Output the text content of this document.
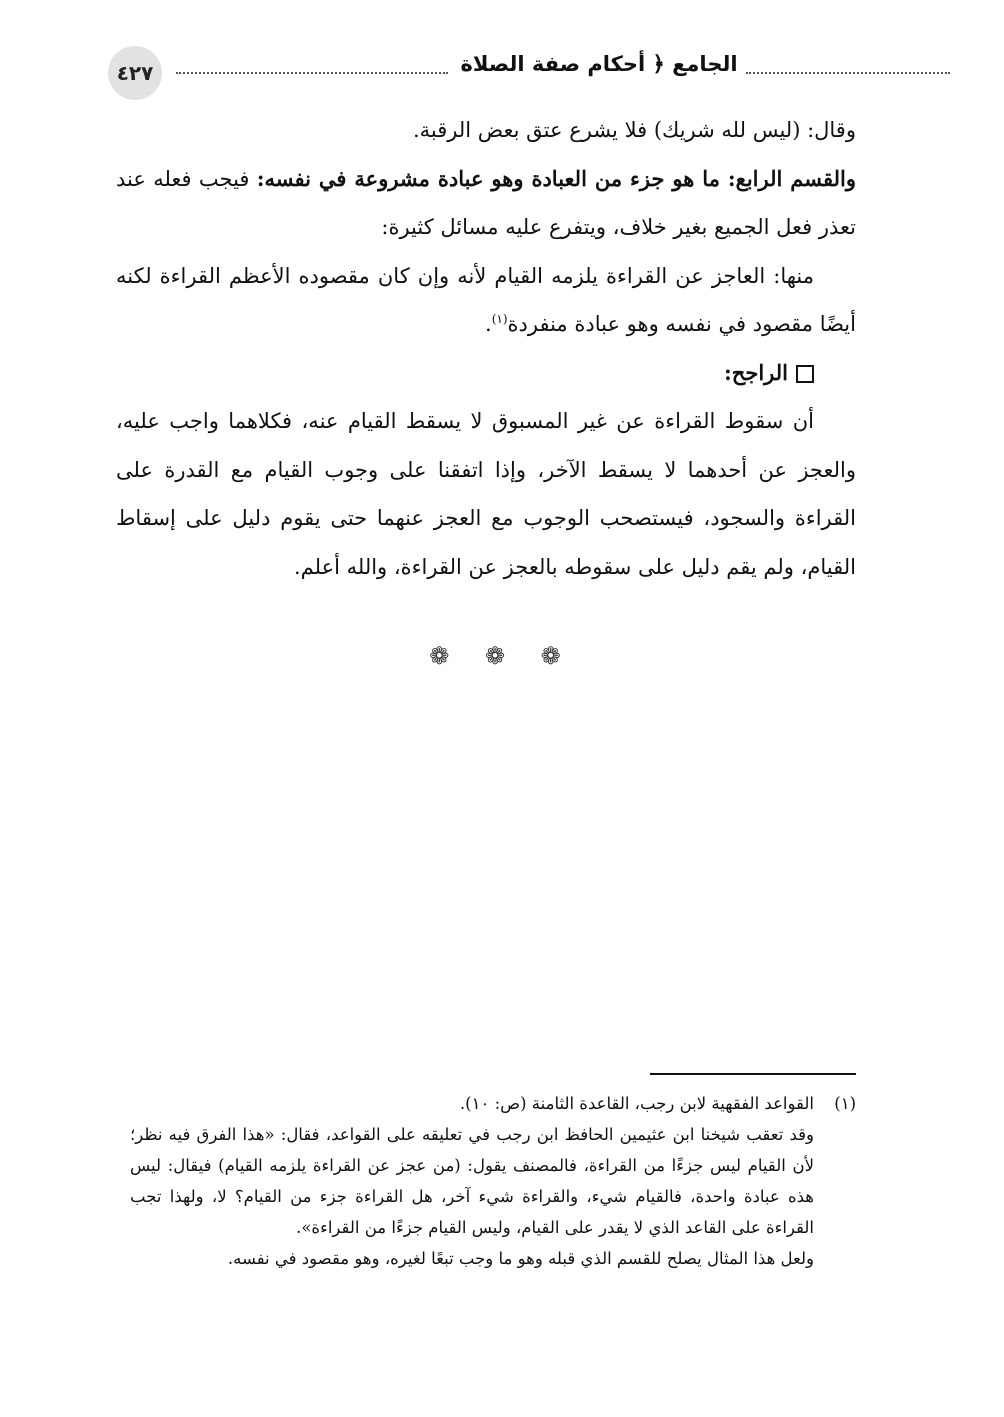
٤٢٧	الجامع ﴿ أحكام صفة الصلاة

وقال: (ليس لله شريك) فلا يشرع عتق بعض الرقبة.

والقسم الرابع: ما هو جزء من العبادة وهو عبادة مشروعة في نفسه: فيجب فعله عند تعذر فعل الجميع بغير خلاف، ويتفرع عليه مسائل كثيرة:

منها: العاجز عن القراءة يلزمه القيام لأنه وإن كان مقصوده الأعظم القراءة لكنه أيضًا مقصود في نفسه وهو عبادة منفردة$^{(١)}$.

الراجح:

أن سقوط القراءة عن غير المسبوق لا يسقط القيام عنه، فكلاهما واجب عليه، والعجز عن أحدهما لا يسقط الآخر، وإذا اتفقنا على وجوب القيام مع القدرة على القراءة والسجود، فيستصحب الوجوب مع العجز عنهما حتى يقوم دليل على إسقاط القيام، ولم يقم دليل على سقوطه بالعجز عن القراءة، والله أعلم.

❁ ❁ ❁

(١)القواعد الفقهية لابن رجب، القاعدة الثامنة (ص: ١٠).

وقد تعقب شيخنا ابن عثيمين الحافظ ابن رجب في تعليقه على القواعد، فقال: «هذا الفرق فيه نظر؛ لأن القيام ليس جزءًا من القراءة، فالمصنف يقول: (من عجز عن القراءة يلزمه القيام) فيقال: ليس هذه عبادة واحدة، فالقيام شيء، والقراءة شيء آخر، هل القراءة جزء من القيام؟ لا، ولهذا تجب القراءة على القاعد الذي لا يقدر على القيام، وليس القيام جزءًا من القراءة».

ولعل هذا المثال يصلح للقسم الذي قبله وهو ما وجب تبعًا لغيره، وهو مقصود في نفسه.
